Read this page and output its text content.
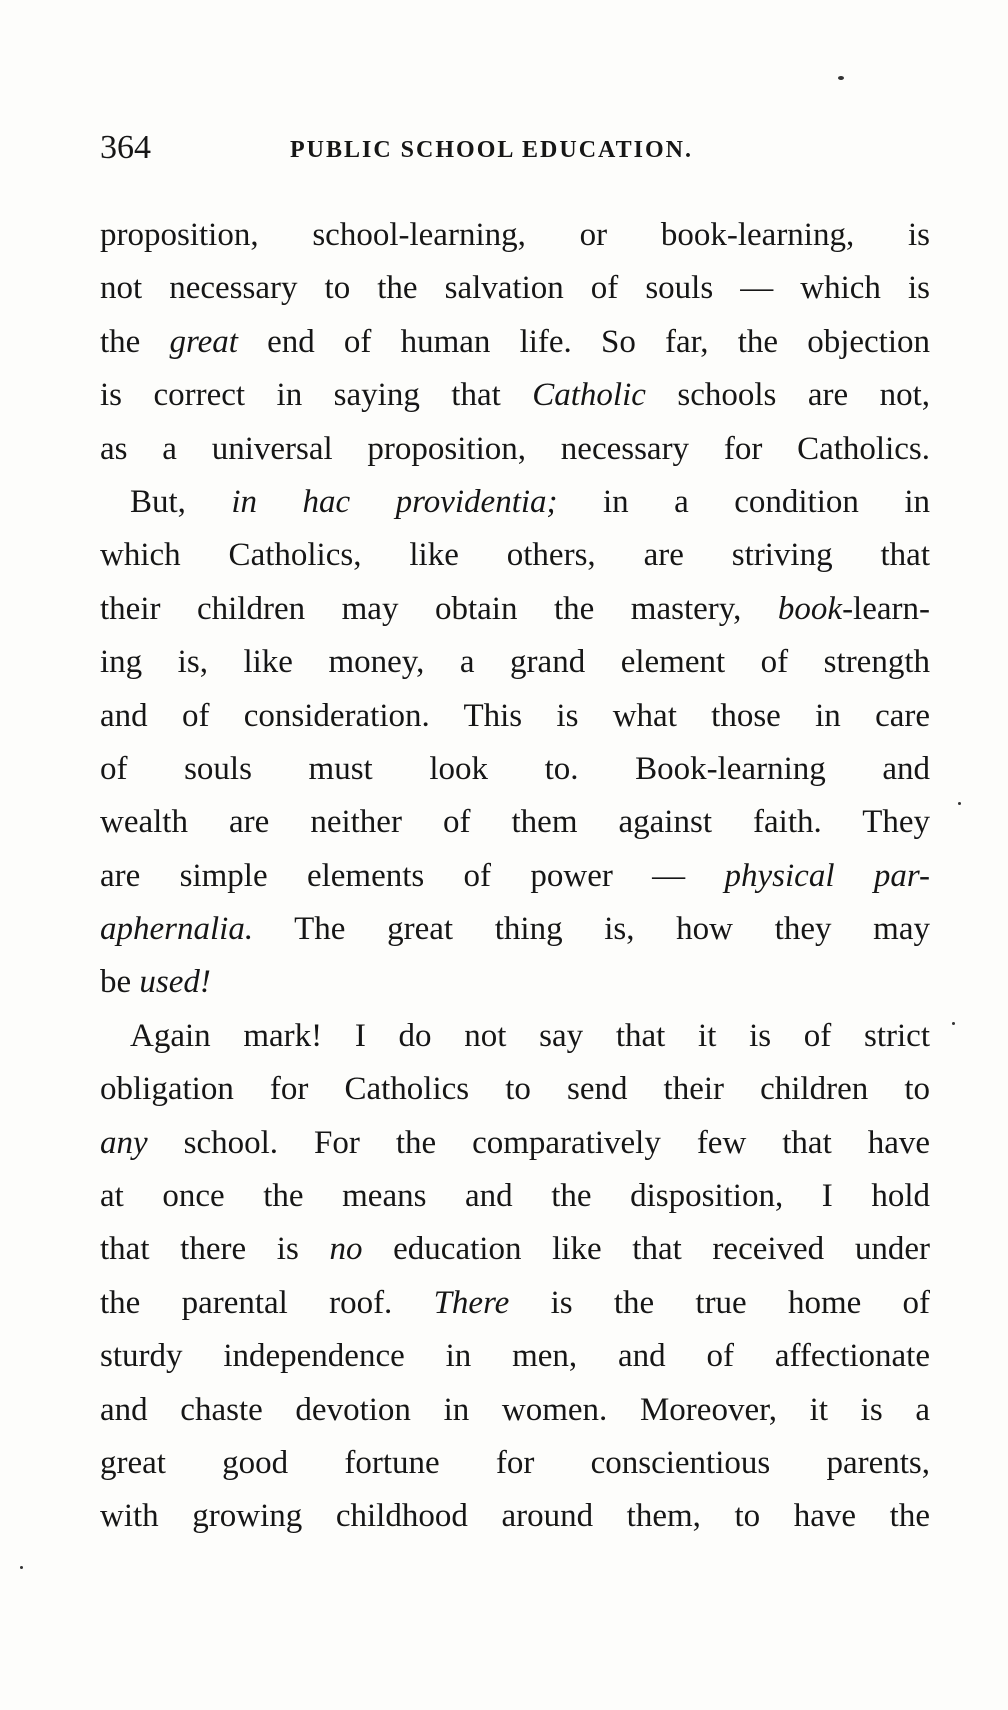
364	PUBLIC SCHOOL EDUCATION.
proposition, school-learning, or book-learning, is
not necessary to the salvation of souls — which is
the great end of human life. So far, the objection
is correct in saying that Catholic schools are not,
as a universal proposition, necessary for Catholics.
But, in hac providentia; in a condition in
which Catholics, like others, are striving that
their children may obtain the mastery, book-learn-
ing is, like money, a grand element of strength
and of consideration. This is what those in care
of souls must look to. Book-learning and
wealth are neither of them against faith. They
are simple elements of power — physical par-
aphernalia. The great thing is, how they may
be used!
Again mark! I do not say that it is of strict
obligation for Catholics to send their children to
any school. For the comparatively few that have
at once the means and the disposition, I hold
that there is no education like that received under
the parental roof. There is the true home of
sturdy independence in men, and of affectionate
and chaste devotion in women. Moreover, it is a
great good fortune for conscientious parents,
with growing childhood around them, to have the
